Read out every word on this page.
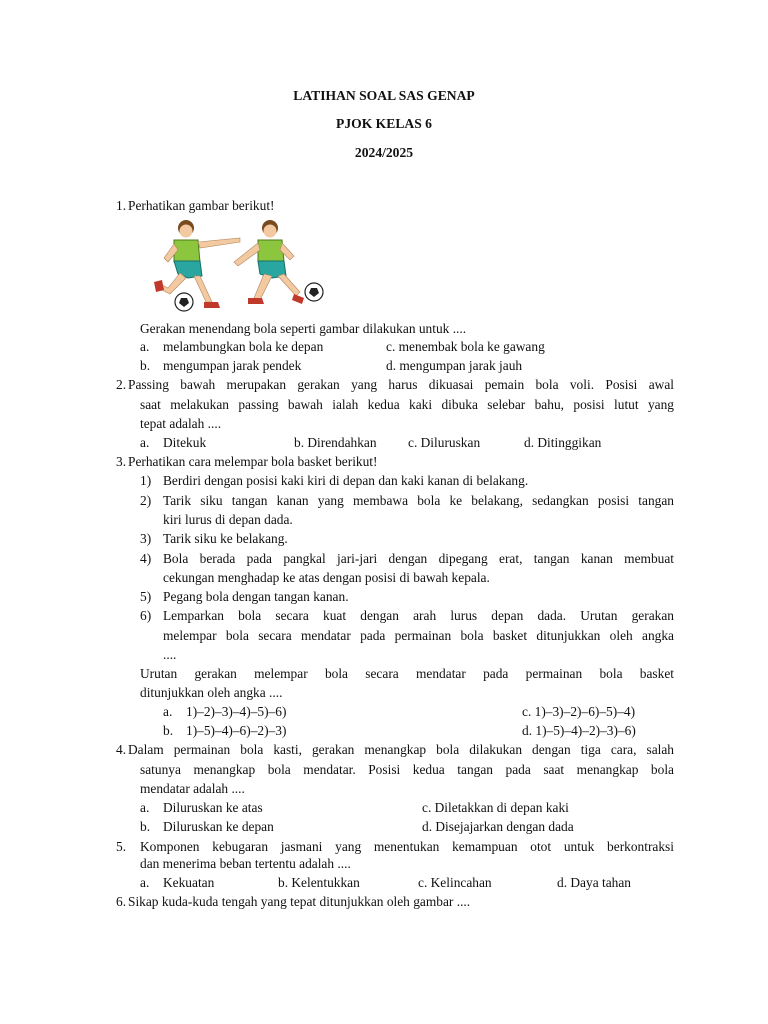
LATIHAN SOAL SAS GENAP
PJOK KELAS 6
2024/2025
1. Perhatikan gambar berikut!
Gerakan menendang bola seperti gambar dilakukan untuk ....
a. melambungkan bola ke depan	c. menembak bola ke gawang
b. mengumpan jarak pendek	d. mengumpan jarak jauh
2. Passing bawah merupakan gerakan yang harus dikuasai pemain bola voli. Posisi awal
saat melakukan passing bawah ialah kedua kaki dibuka selebar bahu, posisi lutut yang
tepat adalah ....
a. Ditekuk	b. Direndahkan c. Diluruskan	d. Ditinggikan
3. Perhatikan cara melempar bola basket berikut!
1) Berdiri dengan posisi kaki kiri di depan dan kaki kanan di belakang.
2) Tarik siku tangan kanan yang membawa bola ke belakang, sedangkan posisi tangan
kiri lurus di depan dada.
3) Tarik siku ke belakang.
4) Bola berada pada pangkal jari-jari dengan dipegang erat, tangan kanan membuat
cekungan menghadap ke atas dengan posisi di bawah kepala.
5) Pegang bola dengan tangan kanan.
6) Lemparkan bola secara kuat dengan arah lurus depan dada. Urutan gerakan
melempar bola secara mendatar pada permainan bola basket ditunjukkan oleh angka
....
Urutan gerakan melempar bola secara mendatar pada permainan bola basket
ditunjukkan oleh angka ....
a. 1)–2)–3)–4)–5)–6)	c. 1)–3)–2)–6)–5)–4)
b. 1)–5)–4)–6)–2)–3)	d. 1)–5)–4)–2)–3)–6)
4. Dalam permainan bola kasti, gerakan menangkap bola dilakukan dengan tiga cara, salah
satunya menangkap bola mendatar. Posisi kedua tangan pada saat menangkap bola
mendatar adalah ....
a. Diluruskan ke atas	c. Diletakkan di depan kaki
b. Diluruskan ke depan	d. Disejajarkan dengan dada
5. Komponen kebugaran jasmani yang menentukan kemampuan otot untuk berkontraksi
dan menerima beban tertentu adalah ....
a. Kekuatan	b. Kelentukkan	c. Kelincahan	d. Daya tahan
6. Sikap kuda-kuda tengah yang tepat ditunjukkan oleh gambar ....
